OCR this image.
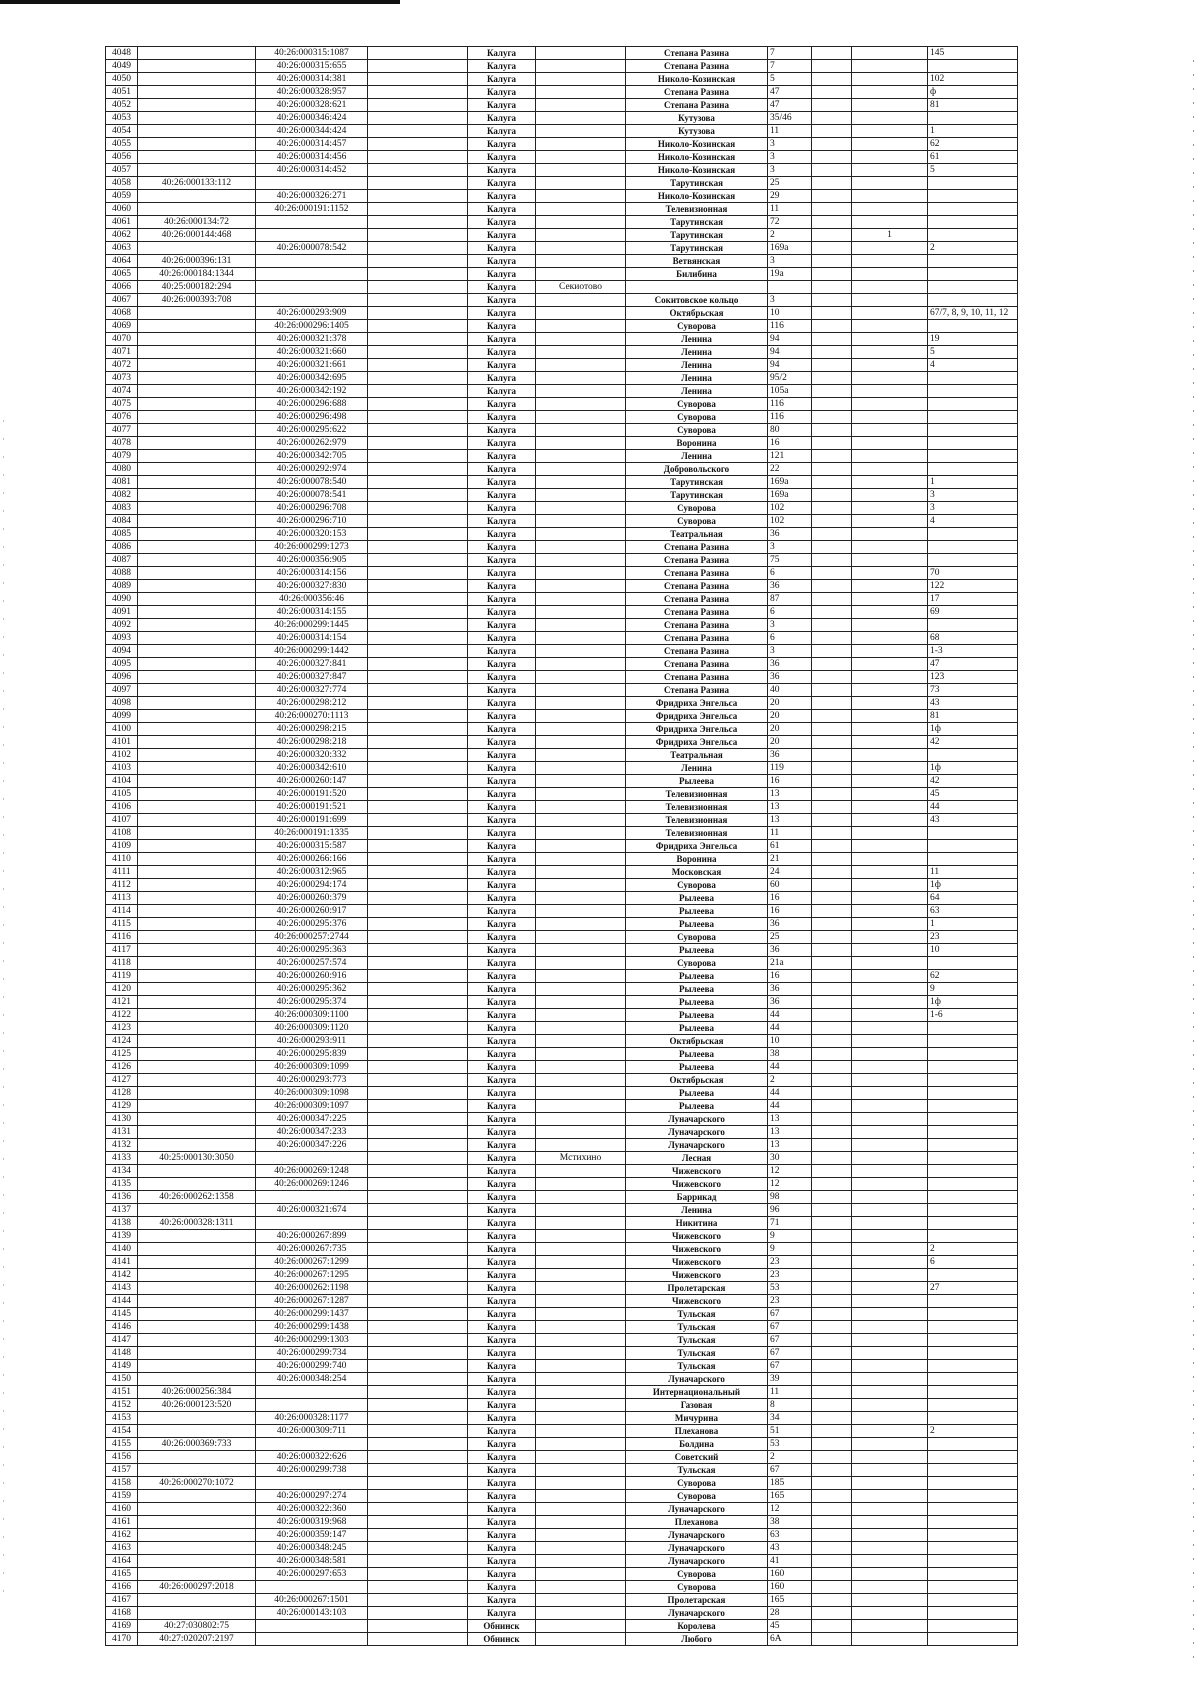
4048		40:26:000315:1087		Калуга		Степана Разина	7			145
4049		40:26:000315:655		Калуга		Степана Разина	7			
4050		40:26:000314:381		Калуга		Николо-Козинская	5			102
4051		40:26:000328:957		Калуга		Степана Разина	47			ф
4052		40:26:000328:621		Калуга		Степана Разина	47			81
4053		40:26:000346:424		Калуга		Кутузова	35/46			
4054		40:26:000344:424		Калуга		Кутузова	11			1
4055		40:26:000314:457		Калуга		Николо-Козинская	3			62
4056		40:26:000314:456		Калуга		Николо-Козинская	3			61
4057		40:26:000314:452		Калуга		Николо-Козинская	3			5
4058	40:26:000133:112			Калуга		Тарутинская	25			
4059		40:26:000326:271		Калуга		Николо-Козинская	29			
4060		40:26:000191:1152		Калуга		Телевизионная	11			
4061	40:26:000134:72			Калуга		Тарутинская	72			
4062	40:26:000144:468			Калуга		Тарутинская	2		1	
4063		40:26:000078:542		Калуга		Тарутинская	169а			2
4064	40:26:000396:131			Калуга		Ветвянская	3			
4065	40:26:000184:1344			Калуга		Билибина	19а			
4066	40:25:000182:294			Калуга	Секиотово					
4067	40:26:000393:708			Калуга		Сокитовское кольцо	3			
4068		40:26:000293:909		Калуга		Октябрьская	10			67/7, 8, 9, 10, 11, 12
4069		40:26:000296:1405		Калуга		Суворова	116			
4070		40:26:000321:378		Калуга		Ленина	94			19
4071		40:26:000321:660		Калуга		Ленина	94			5
4072		40:26:000321:661		Калуга		Ленина	94			4
4073		40:26:000342:695		Калуга		Ленина	95/2			
4074		40:26:000342:192		Калуга		Ленина	105а			
4075		40:26:000296:688		Калуга		Суворова	116			
4076		40:26:000296:498		Калуга		Суворова	116			
4077		40:26:000295:622		Калуга		Суворова	80			
4078		40:26:000262:979		Калуга		Воронина	16			
4079		40:26:000342:705		Калуга		Ленина	121			
4080		40:26:000292:974		Калуга		Добровольского	22			
4081		40:26:000078:540		Калуга		Тарутинская	169а			1
4082		40:26:000078:541		Калуга		Тарутинская	169а			3
4083		40:26:000296:708		Калуга		Суворова	102			3
4084		40:26:000296:710		Калуга		Суворова	102			4
4085		40:26:000320:153		Калуга		Театральная	36			
4086		40:26:000299:1273		Калуга		Степана Разина	3			
4087		40:26:000356:905		Калуга		Степана Разина	75			
4088		40:26:000314:156		Калуга		Степана Разина	6			70
4089		40:26:000327:830		Калуга		Степана Разина	36			122
4090		40:26:000356:46		Калуга		Степана Разина	87			17
4091		40:26:000314:155		Калуга		Степана Разина	6			69
4092		40:26:000299:1445		Калуга		Степана Разина	3			
4093		40:26:000314:154		Калуга		Степана Разина	6			68
4094		40:26:000299:1442		Калуга		Степана Разина	3			1-3
4095		40:26:000327:841		Калуга		Степана Разина	36			47
4096		40:26:000327:847		Калуга		Степана Разина	36			123
4097		40:26:000327:774		Калуга		Степана Разина	40			73
4098		40:26:000298:212		Калуга		Фридриха Энгельса	20			43
4099		40:26:000270:1113		Калуга		Фридриха Энгельса	20			81
4100		40:26:000298:215		Калуга		Фридриха Энгельса	20			1ф
4101		40:26:000298:218		Калуга		Фридриха Энгельса	20			42
4102		40:26:000320:332		Калуга		Театральная	36			
4103		40:26:000342:610		Калуга		Ленина	119			1ф
4104		40:26:000260:147		Калуга		Рылеева	16			42
4105		40:26:000191:520		Калуга		Телевизионная	13			45
4106		40:26:000191:521		Калуга		Телевизионная	13			44
4107		40:26:000191:699		Калуга		Телевизионная	13			43
4108		40:26:000191:1335		Калуга		Телевизионная	11			
4109		40:26:000315:587		Калуга		Фридриха Энгельса	61			
4110		40:26:000266:166		Калуга		Воронина	21			
4111		40:26:000312:965		Калуга		Московская	24			11
4112		40:26:000294:174		Калуга		Суворова	60			1ф
4113		40:26:000260:379		Калуга		Рылеева	16			64
4114		40:26:000260:917		Калуга		Рылеева	16			63
4115		40:26:000295:376		Калуга		Рылеева	36			1
4116		40:26:000257:2744		Калуга		Суворова	25			23
4117		40:26:000295:363		Калуга		Рылеева	36			10
4118		40:26:000257:574		Калуга		Суворова	21а			
4119		40:26:000260:916		Калуга		Рылеева	16			62
4120		40:26:000295:362		Калуга		Рылеева	36			9
4121		40:26:000295:374		Калуга		Рылеева	36			1ф
4122		40:26:000309:1100		Калуга		Рылеева	44			1-6
4123		40:26:000309:1120		Калуга		Рылеева	44			
4124		40:26:000293:911		Калуга		Октябрьская	10			
4125		40:26:000295:839		Калуга		Рылеева	38			
4126		40:26:000309:1099		Калуга		Рылеева	44			
4127		40:26:000293:773		Калуга		Октябрьская	2			
4128		40:26:000309:1098		Калуга		Рылеева	44			
4129		40:26:000309:1097		Калуга		Рылеева	44			
4130		40:26:000347:225		Калуга		Луначарского	13			
4131		40:26:000347:233		Калуга		Луначарского	13			
4132		40:26:000347:226		Калуга		Луначарского	13			
4133	40:25:000130:3050			Калуга	Мстихино	Лесная	30			
4134		40:26:000269:1248		Калуга		Чижевского	12			
4135		40:26:000269:1246		Калуга		Чижевского	12			
4136	40:26:000262:1358			Калуга		Баррикад	98			
4137		40:26:000321:674		Калуга		Ленина	96			
4138	40:26:000328:1311			Калуга		Никитина	71			
4139		40:26:000267:899		Калуга		Чижевского	9			
4140		40:26:000267:735		Калуга		Чижевского	9			2
4141		40:26:000267:1299		Калуга		Чижевского	23			6
4142		40:26:000267:1295		Калуга		Чижевского	23			
4143		40:26:000262:1198		Калуга		Пролетарская	53			27
4144		40:26:000267:1287		Калуга		Чижевского	23			
4145		40:26:000299:1437		Калуга		Тульская	67			
4146		40:26:000299:1438		Калуга		Тульская	67			
4147		40:26:000299:1303		Калуга		Тульская	67			
4148		40:26:000299:734		Калуга		Тульская	67			
4149		40:26:000299:740		Калуга		Тульская	67			
4150		40:26:000348:254		Калуга		Луначарского	39			
4151	40:26:000256:384			Калуга		Интернациональный	11			
4152	40:26:000123:520			Калуга		Газовая	8			
4153		40:26:000328:1177		Калуга		Мичурина	34			
4154		40:26:000309:711		Калуга		Плеханова	51			2
4155	40:26:000369:733			Калуга		Болдина	53			
4156		40:26:000322:626		Калуга		Советский	2			
4157		40:26:000299:738		Калуга		Тульская	67			
4158	40:26:000270:1072			Калуга		Суворова	185			
4159		40:26:000297:274		Калуга		Суворова	165			
4160		40:26:000322:360		Калуга		Луначарского	12			
4161		40:26:000319:968		Калуга		Плеханова	38			
4162		40:26:000359:147		Калуга		Луначарского	63			
4163		40:26:000348:245		Калуга		Луначарского	43			
4164		40:26:000348:581		Калуга		Луначарского	41			
4165		40:26:000297:653		Калуга		Суворова	160			
4166	40:26:000297:2018			Калуга		Суворова	160			
4167		40:26:000267:1501		Калуга		Пролетарская	165			
4168		40:26:000143:103		Калуга		Луначарского	28			
4169	40:27:030802:75			Обнинск		Королева	45			
4170	40:27:020207:2197			Обнинск		Любого	6А			
